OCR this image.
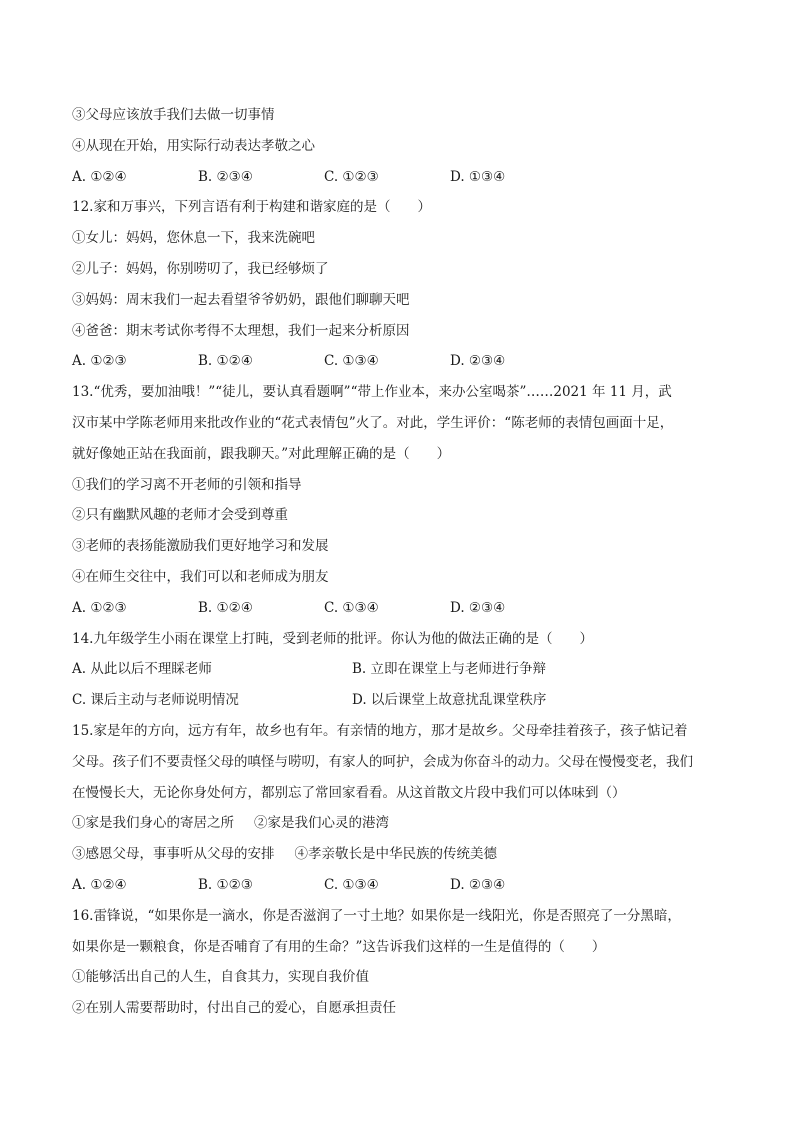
③父母应该放手我们去做一切事情
④从现在开始，用实际行动表达孝敬之心
A. ①②④	B. ②③④	C. ①②③	D. ①③④
12.家和万事兴，下列言语有利于构建和谐家庭的是（　　）
①女儿：妈妈，您休息一下，我来洗碗吧
②儿子：妈妈，你别唠叨了，我已经够烦了
③妈妈：周末我们一起去看望爷爷奶奶，跟他们聊聊天吧
④爸爸：期末考试你考得不太理想，我们一起来分析原因
A. ①②③	B. ①②④	C. ①③④	D. ②③④
13.“优秀，要加油哦！”“徒儿，要认真看题啊”“带上作业本，来办公室喝茶”……2021 年 11 月，武
汉市某中学陈老师用来批改作业的“花式表情包”火了。对此，学生评价：“陈老师的表情包画面十足，
就好像她正站在我面前，跟我聊天。”对此理解正确的是（　　）
①我们的学习离不开老师的引领和指导
②只有幽默风趣的老师才会受到尊重
③老师的表扬能激励我们更好地学习和发展
④在师生交往中，我们可以和老师成为朋友
A. ①②③	B. ①②④	C. ①③④	D. ②③④
14.九年级学生小雨在课堂上打盹，受到老师的批评。你认为他的做法正确的是（　　）
A. 从此以后不理睬老师	B. 立即在课堂上与老师进行争辩
C. 课后主动与老师说明情况	D. 以后课堂上故意扰乱课堂秩序
15.家是年的方向，远方有年，故乡也有年。有亲情的地方，那才是故乡。父母牵挂着孩子，孩子惦记着
父母。孩子们不要责怪父母的嗔怪与唠叨，有家人的呵护，会成为你奋斗的动力。父母在慢慢变老，我们
在慢慢长大，无论你身处何方，都别忘了常回家看看。从这首散文片段中我们可以体味到（）
①家是我们身心的寄居之所 ②家是我们心灵的港湾
③感恩父母，事事听从父母的安排 ④孝亲敬长是中华民族的传统美德
A. ①②④	B. ①②③	C. ①③④	D. ②③④
16.雷锋说，“如果你是一滴水，你是否滋润了一寸土地？如果你是一线阳光，你是否照亮了一分黑暗，
如果你是一颗粮食，你是否哺育了有用的生命？”这告诉我们这样的一生是值得的（　　）
①能够活出自己的人生，自食其力，实现自我价值
②在别人需要帮助时，付出自己的爱心，自愿承担责任
